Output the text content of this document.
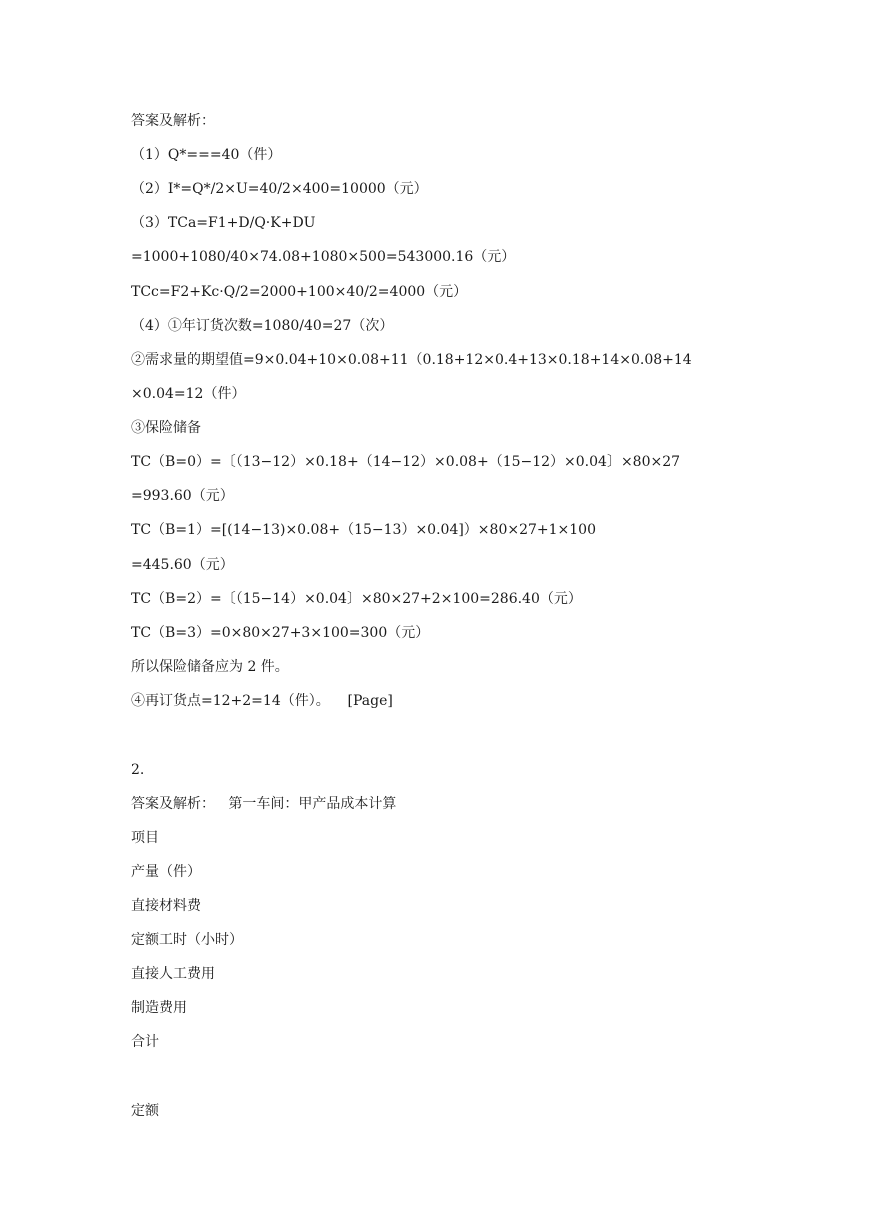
答案及解析：
（1）Q*===40（件）
（2）I*=Q*/2×U=40/2×400=10000（元）
（3）TCa=F1+D/Q·K+DU
=1000+1080/40×74.08+1080×500=543000.16（元）
TCc=F2+Kc·Q/2=2000+100×40/2=4000（元）
（4）①年订货次数=1080/40=27（次）
②需求量的期望值=9×0.04+10×0.08+11（0.18+12×0.4+13×0.18+14×0.08+14
×0.04=12（件）
③保险储备
TC（B=0）=〔（13−12）×0.18+（14−12）×0.08+（15−12）×0.04〕×80×27
=993.60（元）
TC（B=1）=[(14−13)×0.08+（15−13）×0.04]）×80×27+1×100
=445.60（元）
TC（B=2）=〔（15−14）×0.04〕×80×27+2×100=286.40（元）
TC（B=3）=0×80×27+3×100=300（元）
所以保险储备应为 2 件。
④再订货点=12+2=14（件）。    [Page]
2.
答案及解析：   第一车间：甲产品成本计算
项目
产量（件）
直接材料费
定额工时（小时）
直接人工费用
制造费用
合计
定额
